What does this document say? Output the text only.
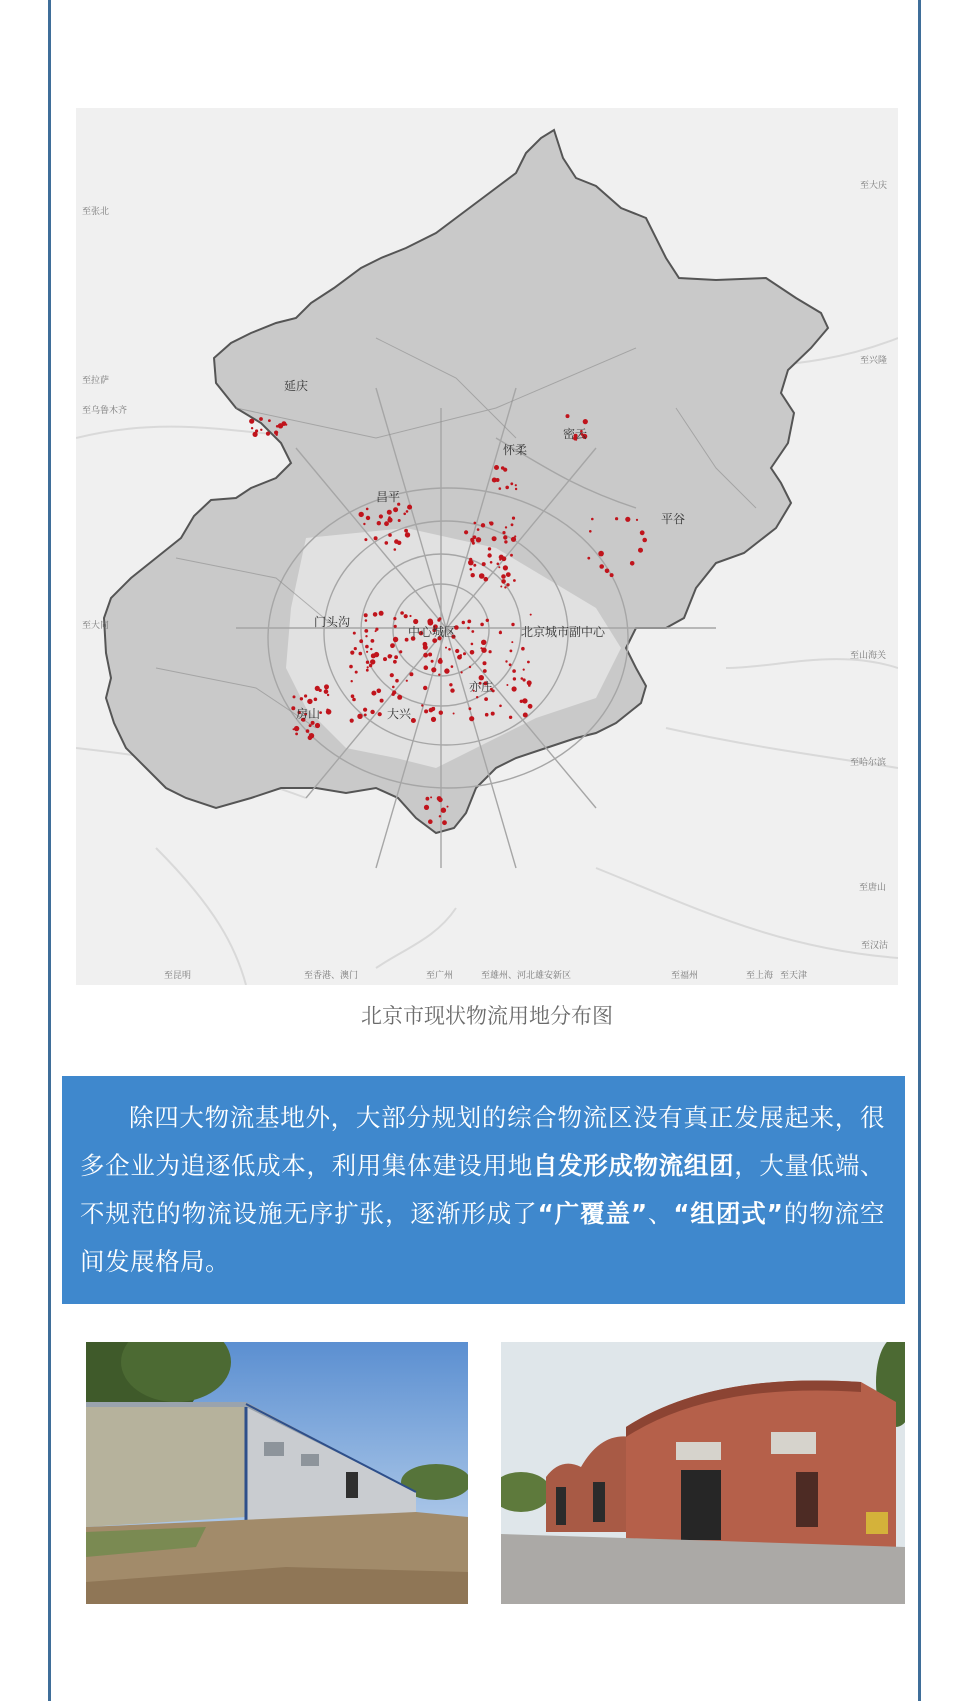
延庆
怀柔
密云
昌平
平谷
门头沟
中心城区	北京城市副中心
亦庄
房山	大兴
至张北
至拉萨
至乌鲁木齐
至大同
至昆明	至香港、澳门	至广州	至雄州、河北雄安新区	至福州	至上海 至天津
至汉沽
至唐山
至哈尔滨
至山海关
至兴隆
至大庆
北京市现状物流用地分布图

除四大物流基地外，大部分规划的综合物流区没有真正发展起来，很多企业为追逐低成本，利用集体建设用地自发形成物流组团，大量低端、不规范的物流设施无序扩张，逐渐形成了“广覆盖”、“组团式”的物流空间发展格局。
